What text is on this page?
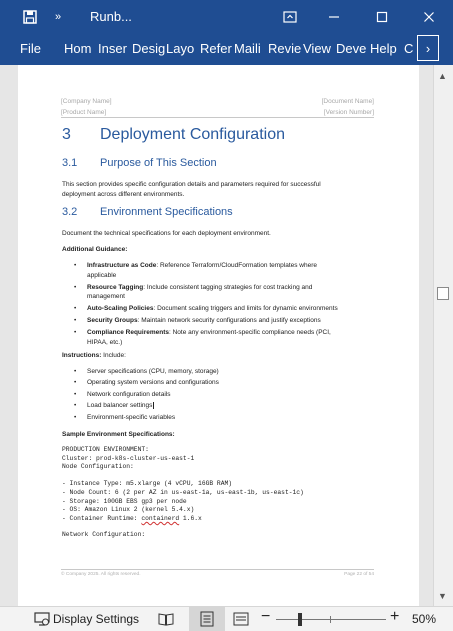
»	Runb...
File Hom Inser Desig Layo Refer Maili Revie View Deve Help C ›
[Company Name]
[Product Name]
[Document Name]
[Version Number]
3 Deployment Configuration
3.1 Purpose of This Section
This section provides specific configuration details and parameters required for successful
deployment across different environments.
3.2 Environment Specifications
Document the technical specifications for each deployment environment.
Additional Guidance:
• Infrastructure as Code: Reference Terraform/CloudFormation templates where
applicable
• Resource Tagging: Include consistent tagging strategies for cost tracking and
management
• Auto-Scaling Policies: Document scaling triggers and limits for dynamic environments
• Security Groups: Maintain network security configurations and justify exceptions
• Compliance Requirements: Note any environment-specific compliance needs (PCI,
HIPAA, etc.)
Instructions: Include:
• Server specifications (CPU, memory, storage)
• Operating system versions and configurations
• Network configuration details
• Load balancer settings
• Environment-specific variables
Sample Environment Specifications:
PRODUCTION ENVIRONMENT:
Cluster: prod-k8s-cluster-us-east-1
Node Configuration:
- Instance Type: m5.xlarge (4 vCPU, 16GB RAM)
- Node Count: 6 (2 per AZ in us-east-1a, us-east-1b, us-east-1c)
- Storage: 100GB EBS gp3 per node
- OS: Amazon Linux 2 (kernel 5.4.x)
- Container Runtime: containerd 1.6.x
Network Configuration:
© Company 2025. All rights reserved.	Page 22 of 54
▲
▼
Display Settings	−	+ 50%
